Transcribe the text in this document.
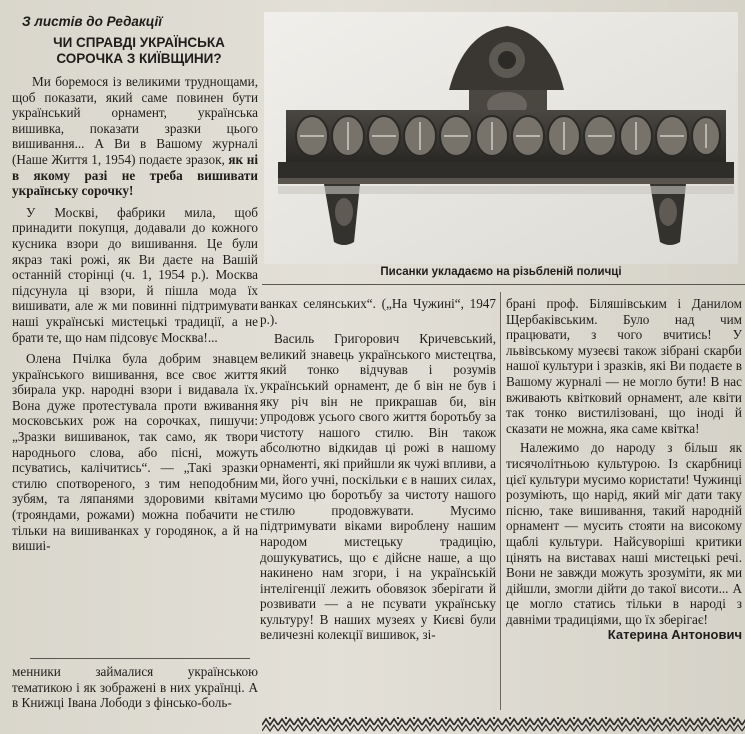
З листів до Редакції
ЧИ СПРАВДІ УКРАЇНСЬКА
СОРОЧКА З КИЇВЩИНИ?

Ми боремося із великими труднощами, щоб показати, який саме повинен бути український орнамент, українська вишивка, показати зразки цього вишивання... А Ви в Вашому журналі (Наше Життя 1, 1954) подаєте зразок, як ні в якому разі не треба вишивати українську сорочку!

У Москві, фабрики мила, щоб принадити покупця, додавали до кожного кусника взори до вишивання. Це були якраз такі рожі, як Ви даєте на Вашій останній сторінці (ч. 1, 1954 р.). Москва підсунула ці взори, й пішла мода їх вишивати, але ж ми повинні підтримувати наші українські мистецькі традиції, а не брати те, що нам підсовує Москва!...

Олена Пчілка була добрим знавцем українського вишивання, все своє життя збирала укр. народні взори і видавала їх. Вона дуже протестувала проти вживання московських рож на сорочках, пишучи: „Зразки вишиванок, так само, як твори народнього слова, або пісні, можуть псуватись, калічитись“. — „Такі зразки стилю спотвореного, з тим неподобним зубям, та ляпанями здоровими квітами (трояндами, рожами) можна побачити не тільки на вишиванках у городянок, а й на вишиі-

менники займалися українською тематикою і як зображені в них українці. А в Книжці Івана Лободи з фінсько-боль-

Писанки укладаємо на різьбленій поличці

ванках селянських“. („На Чужині“, 1947 р.).

Василь Григорович Кричевський, великий знавець українського мистецтва, який тонко відчував і розумів український орнамент, де б він не був і яку річ він не прикрашав би, він упродовж усього свого життя боротьбу за чистоту нашого стилю. Він також абсолютно відкидав ці рожі в нашому орнаменті, які прийшли як чужі впливи, а ми, його учні, поскільки є в наших силах, мусимо цю боротьбу за чистоту нашого стилю продовжувати. Мусимо підтримувати віками вироблену нашим народом мистецьку традицію, дошукуватись, що є дійсне наше, а що накинено нам згори, і на українській інтелігенції лежить обовязок зберігати й розвивати — а не псувати українську культуру! В наших музеях у Києві були величезні колекції вишивок, зі-

брані проф. Біляшівським і Данилом Щербаківським. Було над чим працювати, з чого вчитись! У львівському музеєві також зібрані скарби нашої культури і зразків, які Ви подаєте в Вашому журналі — не могло бути! В нас вживають квітковий орнамент, але квіти так тонко вистилізовані, що іноді й сказати не можна, яка саме квітка!

Належимо до народу з більш як тисячолітньою культурою. Із скарбниці цієї культури мусимо користати! Чужинці розуміють, що нарід, який міг дати таку пісню, таке вишивання, такий народній орнамент — мусить стояти на високому щаблі культури. Найсуворіші критики цінять на виставах наші мистецькі речі. Вони не завжди можуть зрозуміти, як ми дійшли, змогли дійти до такої висоти... А це могло статись тільки в народі з давніми традиціями, що їх зберігає!

Катерина Антонович
